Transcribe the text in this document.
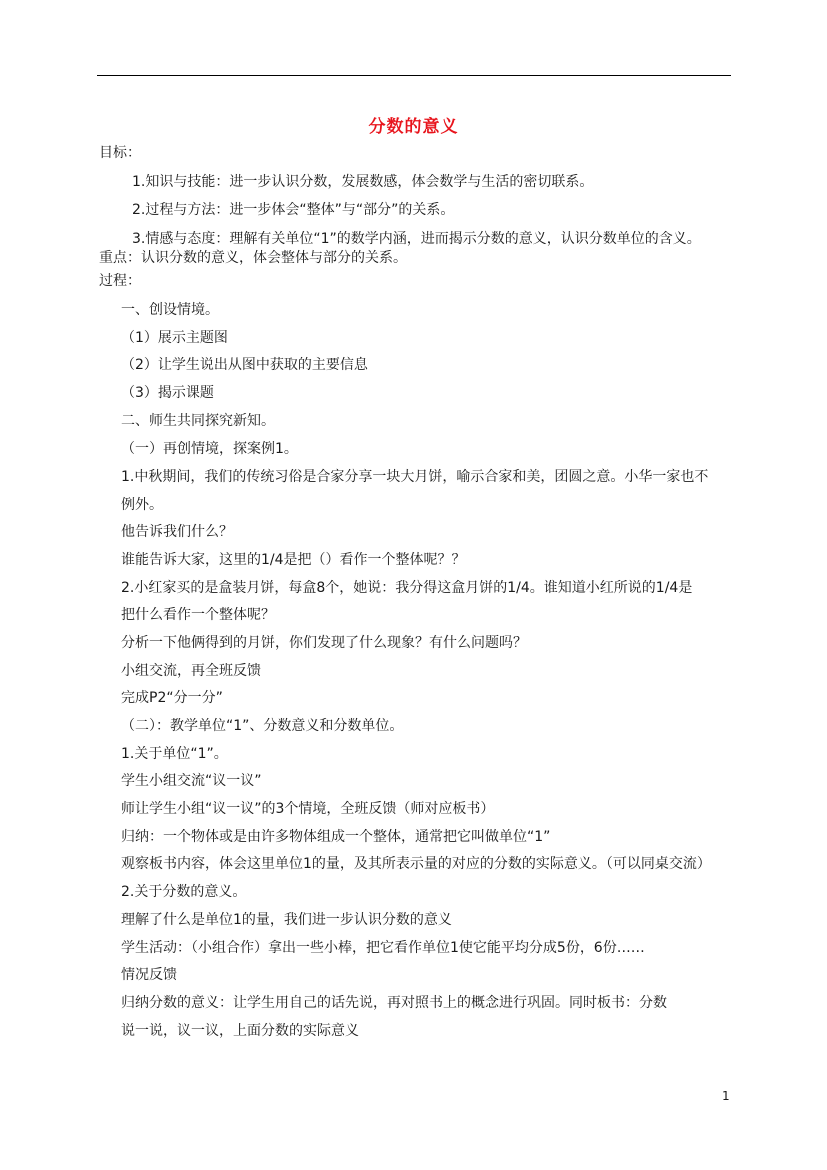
分数的意义
目标：
1.知识与技能：进一步认识分数，发展数感，体会数学与生活的密切联系。
2.过程与方法：进一步体会“整体”与“部分”的关系。
3.情感与态度：理解有关单位“1”的数学内涵，进而揭示分数的意义，认识分数单位的含义。
重点：认识分数的意义，体会整体与部分的关系。
过程：
一、创设情境。
（1）展示主题图
（2）让学生说出从图中获取的主要信息
（3）揭示课题
二、师生共同探究新知。
（一）再创情境，探案例1。
1.中秋期间，我们的传统习俗是合家分享一块大月饼，喻示合家和美，团圆之意。小华一家也不
例外。
他告诉我们什么？
谁能告诉大家，这里的1/4是把（）看作一个整体呢？？
2.小红家买的是盒装月饼，每盒8个，她说：我分得这盒月饼的1/4。谁知道小红所说的1/4是
把什么看作一个整体呢？
分析一下他俩得到的月饼，你们发现了什么现象？有什么问题吗？
小组交流，再全班反馈
完成P2“分一分”
（二）：教学单位“1”、分数意义和分数单位。
1.关于单位“1”。
学生小组交流“议一议”
师让学生小组“议一议”的3个情境，全班反馈（师对应板书）
归纳：一个物体或是由许多物体组成一个整体，通常把它叫做单位“1”
观察板书内容，体会这里单位1的量，及其所表示量的对应的分数的实际意义。（可以同桌交流）
2.关于分数的意义。
理解了什么是单位1的量，我们进一步认识分数的意义
学生活动：（小组合作）拿出一些小棒，把它看作单位1使它能平均分成5份，6份……
情况反馈
归纳分数的意义：让学生用自己的话先说，再对照书上的概念进行巩固。同时板书：分数
说一说，议一议，上面分数的实际意义
1
